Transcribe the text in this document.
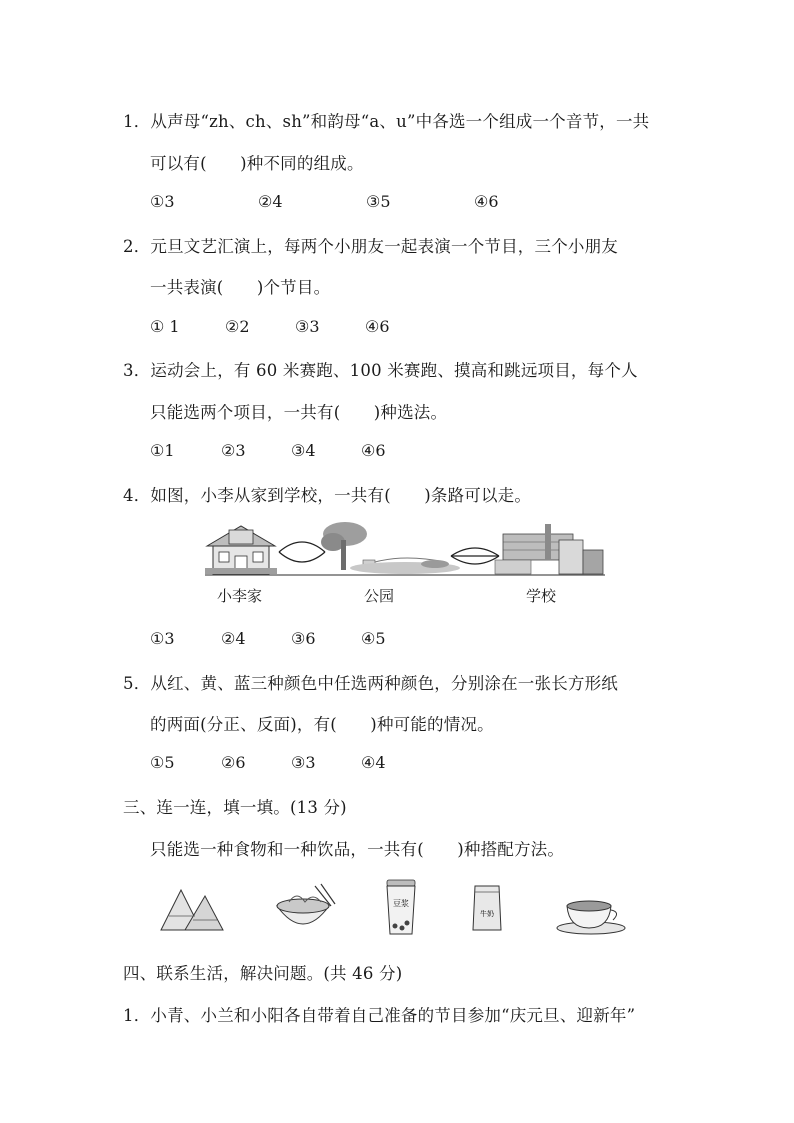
1．从声母“zh、ch、sh”和韵母“a、u”中各选一个组成一个音节，一共
可以有(　　)种不同的组成。
①3	②4	③5	④6
2．元旦文艺汇演上，每两个小朋友一起表演一个节目，三个小朋友
一共表演(　　)个节目。
① 1	②2	③3	④6
3．运动会上，有 60 米赛跑、100 米赛跑、摸高和跳远项目，每个人
只能选两个项目，一共有(　　)种选法。
①1	②3	③4	④6
4．如图，小李从家到学校，一共有(　　)条路可以走。
小李家	公园	学校
①3	②4	③6	④5
5．从红、黄、蓝三种颜色中任选两种颜色，分别涂在一张长方形纸
的两面(分正、反面)，有(　　)种可能的情况。
①5	②6	③3	④4
三、连一连，填一填。(13 分)
只能选一种食物和一种饮品，一共有(　　)种搭配方法。
豆浆
牛奶
四、联系生活，解决问题。(共 46 分)
1．小青、小兰和小阳各自带着自己准备的节目参加“庆元旦、迎新年”
